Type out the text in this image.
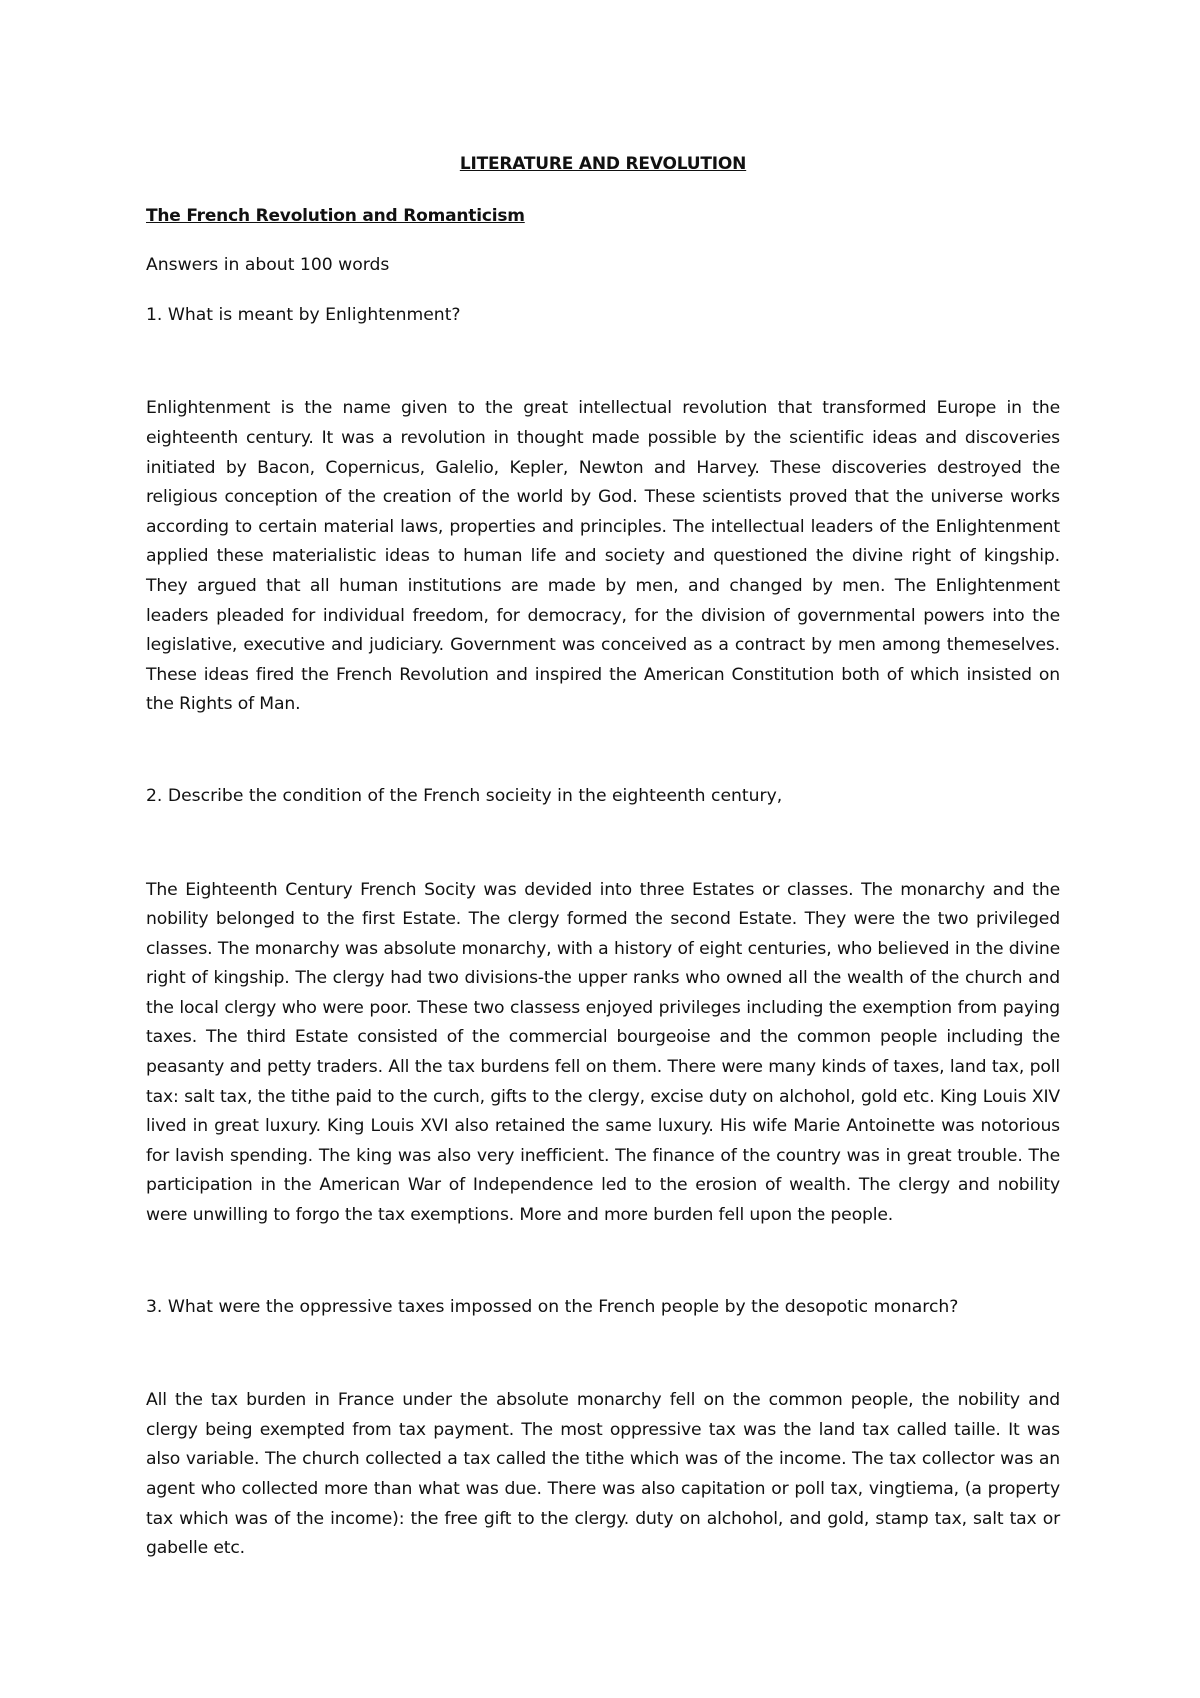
LITERATURE AND REVOLUTION

The French Revolution and Romanticism

Answers in about 100 words

1. What is meant by Enlightenment?

Enlightenment is the name given to the great intellectual revolution that transformed Europe in the eighteenth century. It was a revolution in thought made possible by the scientific ideas and discoveries initiated by Bacon, Copernicus, Galelio, Kepler, Newton and Harvey. These discoveries destroyed the religious conception of the creation of the world by God. These scientists proved that the universe works according to certain material laws, properties and principles. The intellectual leaders of the Enlightenment applied these materialistic ideas to human life and society and questioned the divine right of kingship. They argued that all human institutions are made by men, and changed by men. The Enlightenment leaders pleaded for individual freedom, for democracy, for the division of governmental powers into the legislative, executive and judiciary. Government was conceived as a contract by men among themeselves. These ideas fired the French Revolution and inspired the American Constitution both of which insisted on the Rights of Man.

2. Describe the condition of the French socieity in the eighteenth century,

The Eighteenth Century French Socity was devided into three Estates or classes. The monarchy and the nobility belonged to the first Estate. The clergy formed the second Estate. They were the two privileged classes. The monarchy was absolute monarchy, with a history of eight centuries, who believed in the divine right of kingship. The clergy had two divisions-the upper ranks who owned all the wealth of the church and the local clergy who were poor. These two classess enjoyed privileges including the exemption from paying taxes. The third Estate consisted of the commercial bourgeoise and the common people including the peasanty and petty traders. All the tax burdens fell on them. There were many kinds of taxes, land tax, poll tax: salt tax, the tithe paid to the curch, gifts to the clergy, excise duty on alchohol, gold etc. King Louis XIV lived in great luxury. King Louis XVI also retained the same luxury. His wife Marie Antoinette was notorious for lavish spending. The king was also very inefficient. The finance of the country was in great trouble. The participation in the American War of Independence led to the erosion of wealth. The clergy and nobility were unwilling to forgo the tax exemptions. More and more burden fell upon the people.

3. What were the oppressive taxes impossed on the French people by the desopotic monarch?

All the tax burden in France under the absolute monarchy fell on the common people, the nobility and clergy being exempted from tax payment. The most oppressive tax was the land tax called taille. It was also variable. The church collected a tax called the tithe which was of the income. The tax collector was an agent who collected more than what was due. There was also capitation or poll tax, vingtiema, (a property tax which was of the income): the free gift to the clergy. duty on alchohol, and gold, stamp tax, salt tax or gabelle etc.
